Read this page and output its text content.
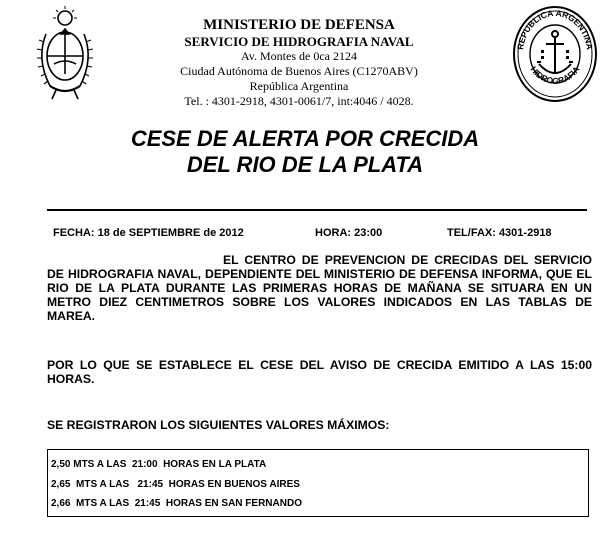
MINISTERIO DE DEFENSA
SERVICIO DE HIDROGRAFIA NAVAL
Av. Montes de 0ca 2124
Ciudad Autónoma de Buenos Aires (C1270ABV)
República Argentina
Tel. : 4301-2918, 4301-0061/7, int:4046 / 4028.
REPUBLICA ARGENTINA
HIDROGRAFIA
CESE DE ALERTA POR CRECIDA
DEL RIO DE LA PLATA
FECHA: 18 de SEPTIEMBRE de 2012	HORA: 23:00	TEL/FAX: 4301-2918
EL CENTRO DE PREVENCION DE CRECIDAS DEL SERVICIO DE HIDROGRAFIA NAVAL, DEPENDIENTE DEL MINISTERIO DE DEFENSA INFORMA, QUE EL RIO DE LA PLATA DURANTE LAS PRIMERAS HORAS DE MAÑANA SE SITUARA EN UN METRO DIEZ CENTIMETROS SOBRE LOS VALORES INDICADOS EN LAS TABLAS DE MAREA.
POR LO QUE SE ESTABLECE EL CESE DEL AVISO DE CRECIDA EMITIDO A LAS 15:00 HORAS.
SE REGISTRARON LOS SIGUIENTES VALORES MÁXIMOS:
2,50 MTS A LAS  21:00  HORAS EN LA PLATA
2,65  MTS A LAS   21:45  HORAS EN BUENOS AIRES
2,66  MTS A LAS  21:45  HORAS EN SAN FERNANDO
